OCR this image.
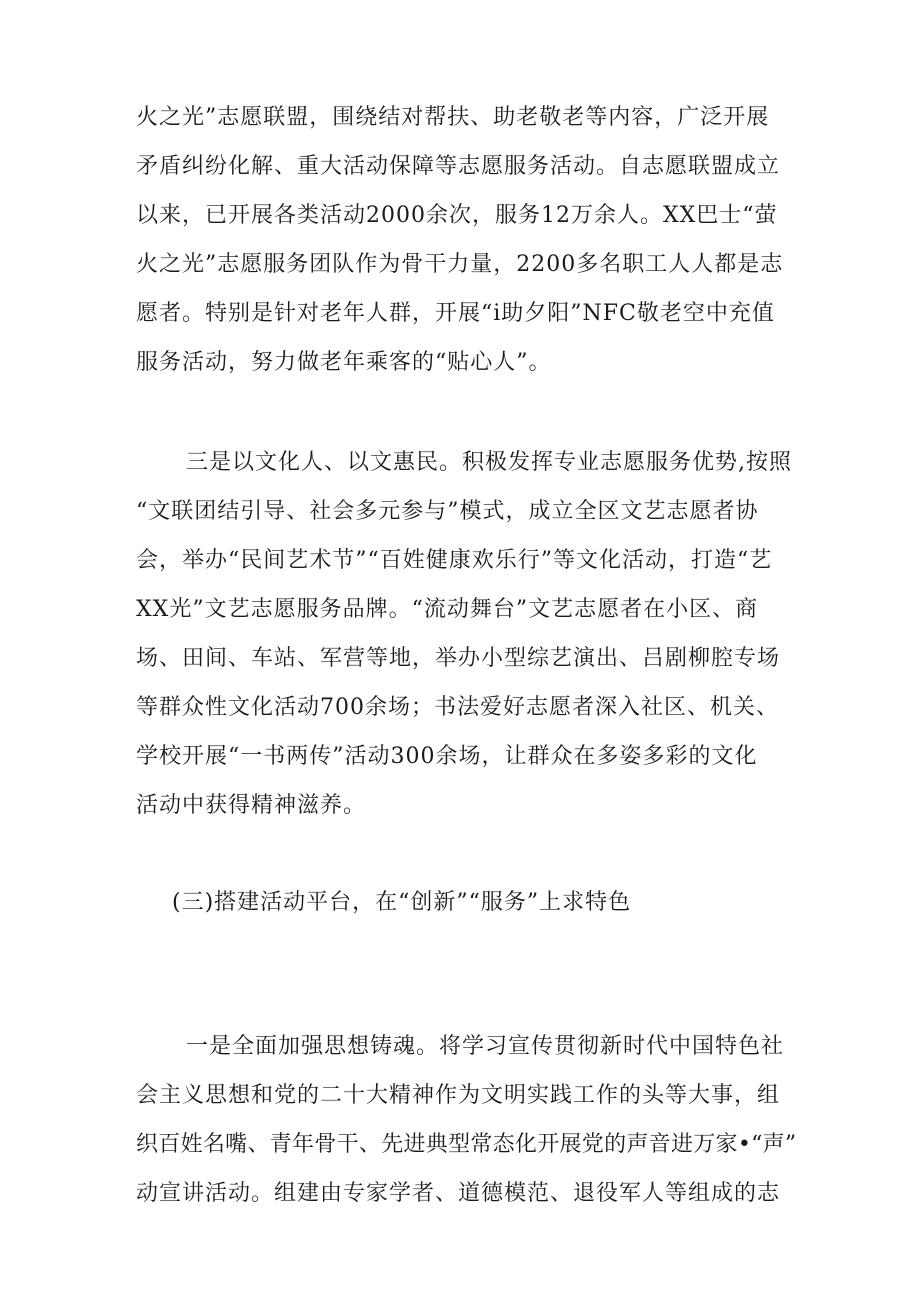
火之光”志愿联盟，围绕结对帮扶、助老敬老等内容，广泛开展
矛盾纠纷化解、重大活动保障等志愿服务活动。自志愿联盟成立
以来，已开展各类活动2000余次，服务12万余人。XX巴士“萤
火之光”志愿服务团队作为骨干力量，2200多名职工人人都是志
愿者。特别是针对老年人群，开展“i助夕阳”NFC敬老空中充值
服务活动，努力做老年乘客的“贴心人”。
三是以文化人、以文惠民。积极发挥专业志愿服务优势,按照
“文联团结引导、社会多元参与”模式，成立全区文艺志愿者协
会，举办“民间艺术节”“百姓健康欢乐行”等文化活动，打造“艺
XX光”文艺志愿服务品牌。“流动舞台”文艺志愿者在小区、商
场、田间、车站、军营等地，举办小型综艺演出、吕剧柳腔专场
等群众性文化活动700余场；书法爱好志愿者深入社区、机关、
学校开展“一书两传”活动300余场，让群众在多姿多彩的文化
活动中获得精神滋养。
(三)搭建活动平台，在“创新”“服务”上求特色
一是全面加强思想铸魂。将学习宣传贯彻新时代中国特色社
会主义思想和党的二十大精神作为文明实践工作的头等大事，组
织百姓名嘴、青年骨干、先进典型常态化开展党的声音进万家•“声”
动宣讲活动。组建由专家学者、道德模范、退役军人等组成的志
